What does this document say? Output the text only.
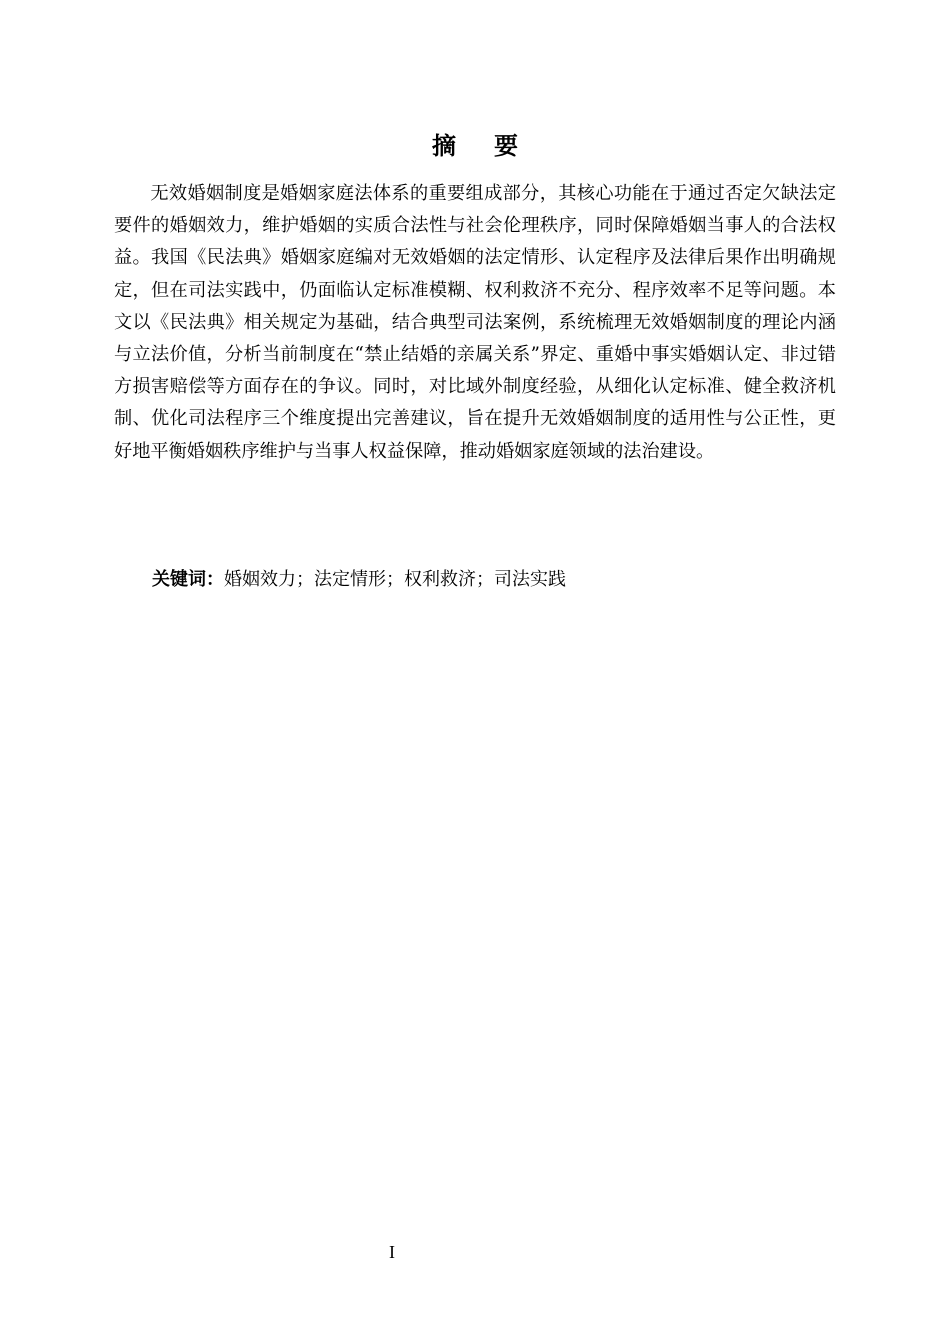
摘要

无效婚姻制度是婚姻家庭法体系的重要组成部分，其核心功能在于通过否定欠缺法定要件的婚姻效力，维护婚姻的实质合法性与社会伦理秩序，同时保障婚姻当事人的合法权益。我国《民法典》婚姻家庭编对无效婚姻的法定情形、认定程序及法律后果作出明确规定，但在司法实践中，仍面临认定标准模糊、权利救济不充分、程序效率不足等问题。本文以《民法典》相关规定为基础，结合典型司法案例，系统梳理无效婚姻制度的理论内涵与立法价值，分析当前制度在“禁止结婚的亲属关系”界定、重婚中事实婚姻认定、非过错方损害赔偿等方面存在的争议。同时，对比域外制度经验，从细化认定标准、健全救济机制、优化司法程序三个维度提出完善建议，旨在提升无效婚姻制度的适用性与公正性，更好地平衡婚姻秩序维护与当事人权益保障，推动婚姻家庭领域的法治建设。

关键词：婚姻效力；法定情形；权利救济；司法实践
I
